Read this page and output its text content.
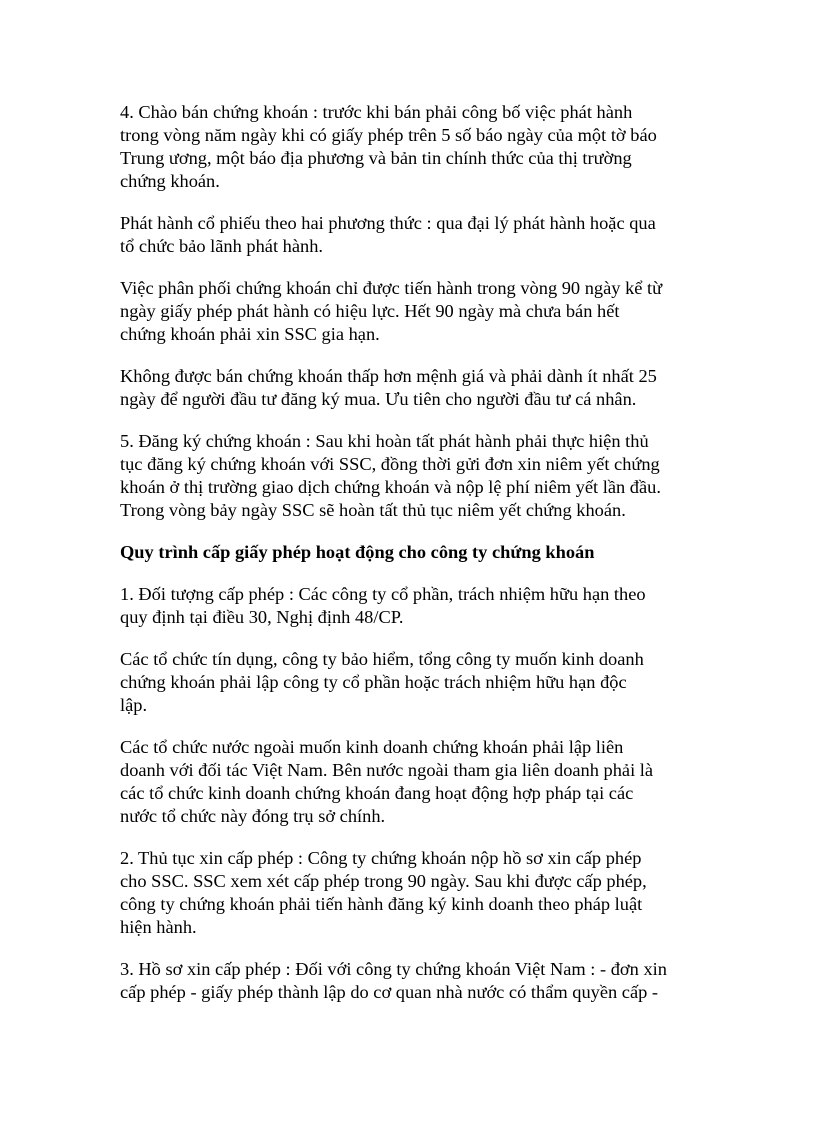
4. Chào bán chứng khoán : trước khi bán phải công bố việc phát hành
trong vòng năm ngày khi có giấy phép trên 5 số báo ngày của một tờ báo
Trung ương, một báo địa phương và bản tin chính thức của thị trường
chứng khoán.

Phát hành cổ phiếu theo hai phương thức : qua đại lý phát hành hoặc qua
tổ chức bảo lãnh phát hành.

Việc phân phối chứng khoán chỉ được tiến hành trong vòng 90 ngày kể từ
ngày giấy phép phát hành có hiệu lực. Hết 90 ngày mà chưa bán hết
chứng khoán phải xin SSC gia hạn.

Không được bán chứng khoán thấp hơn mệnh giá và phải dành ít nhất 25
ngày để người đầu tư đăng ký mua. Ưu tiên cho người đầu tư cá nhân.

5. Đăng ký chứng khoán : Sau khi hoàn tất phát hành phải thực hiện thủ
tục đăng ký chứng khoán với SSC, đồng thời gửi đơn xin niêm yết chứng
khoán ở thị trường giao dịch chứng khoán và nộp lệ phí niêm yết lần đầu.
Trong vòng bảy ngày SSC sẽ hoàn tất thủ tục niêm yết chứng khoán.

Quy trình cấp giấy phép hoạt động cho công ty chứng khoán

1. Đối tượng cấp phép : Các công ty cổ phần, trách nhiệm hữu hạn theo
quy định tại điều 30, Nghị định 48/CP.

Các tổ chức tín dụng, công ty bảo hiểm, tổng công ty muốn kinh doanh
chứng khoán phải lập công ty cổ phần hoặc trách nhiệm hữu hạn độc
lập.

Các tổ chức nước ngoài muốn kinh doanh chứng khoán phải lập liên
doanh với đối tác Việt Nam. Bên nước ngoài tham gia liên doanh phải là
các tổ chức kinh doanh chứng khoán đang hoạt động hợp pháp tại các
nước tổ chức này đóng trụ sở chính.

2. Thủ tục xin cấp phép : Công ty chứng khoán nộp hồ sơ xin cấp phép
cho SSC. SSC xem xét cấp phép trong 90 ngày. Sau khi được cấp phép,
công ty chứng khoán phải tiến hành đăng ký kinh doanh theo pháp luật
hiện hành.

3. Hồ sơ xin cấp phép : Đối với công ty chứng khoán Việt Nam : - đơn xin
cấp phép - giấy phép thành lập do cơ quan nhà nước có thẩm quyền cấp -
